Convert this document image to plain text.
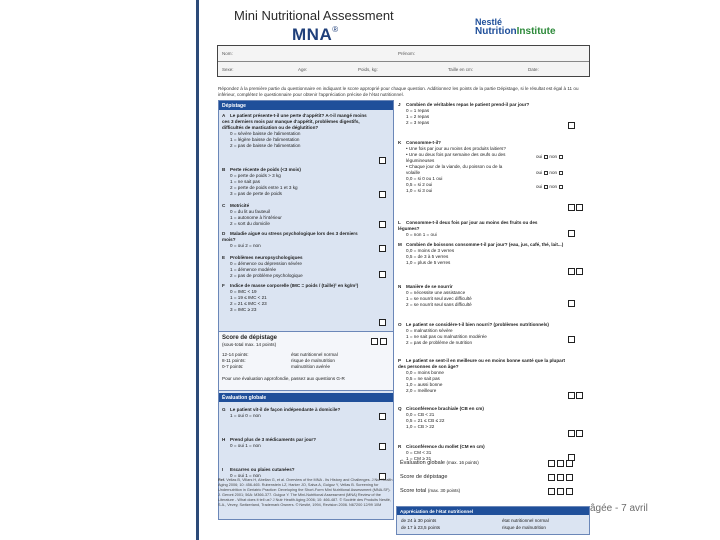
Mini Nutritional Assessment
MNA®
Nestlé
NutritionInstitute
Nom:	Prénom:
Sexe:	Age:	Poids, kg:	Taille en cm:	Date:
Répondez à la première partie du questionnaire en indiquant le score approprié pour chaque question. Additionnez les points de la partie Dépistage, si le résultat est égal à 11 ou inférieur, complétez le questionnaire pour obtenir l'appréciation précise de l'état nutritionnel.
Dépistage
A Le patient présente-t-il une perte d'appétit? A-t-il mangé moins ces 3 derniers mois par manque d'appétit, problèmes digestifs, difficultés de mastication ou de déglutition?
0 = sévère baisse de l'alimentation
1 = légère baisse de l'alimentation
2 = pas de baisse de l'alimentation
B Perte récente de poids (<3 mois)
0 = perte de poids > 3 kg
1 = ne sait pas
2 = perte de poids entre 1 et 3 kg
3 = pas de perte de poids
C Motricité
0 = du lit au fauteuil
1 = autonome à l'intérieur
2 = sort du domicile
D Maladie aiguë ou stress psychologique lors des 3 derniers mois?
0 = oui 2 = non
E Problèmes neuropsychologiques
0 = démence ou dépression sévère
1 = démence modérée
2 = pas de problème psychologique
F Indice de masse corporelle (IMC = poids / (taille)² en kg/m²)
0 = IMC < 19
1 = 19 ≤ IMC < 21
2 = 21 ≤ IMC < 23
3 = IMC ≥ 23
Score de dépistage
(sous-total max. 14 points)
12-14 points:	état nutritionnel normal
8-11 points:	risque de malnutrition
0-7 points:	malnutrition avérée
Pour une évaluation approfondie, passez aux questions G-R
Évaluation globale
G Le patient vit-il de façon indépendante à domicile?
1 = oui 0 = non
H Prend plus de 3 médicaments par jour?
0 = oui 1 = non
I Escarres ou plaies cutanées?
0 = oui 1 = non
Ref. Vellas B, Villars H, Abellan G, et al. Overview of the MNA - Its History and Challenges. J Nut Health Aging 2006; 10: 456-465. Rubenstein LZ, Harker JO, Salva A, Guigoz Y, Vellas B. Screening for Undernutrition in Geriatric Practice: Developing the Short-Form Mini Nutritional Assessment (MNA-SF). J. Geront 2001; 56A: M366-377. Guigoz Y. The Mini-Nutritional Assessment (MNA) Review of the Literature - What does it tell us? J Nutr Health Aging 2006; 10: 466-487. © Société des Produits Nestlé, S.A., Vevey, Switzerland, Trademark Owners. © Nestlé, 1994, Revision 2006. N67200 12/99 10M
J Combien de véritables repas le patient prend-il par jour?
0 = 1 repas
1 = 2 repas
2 = 3 repas
K Consomme-t-il?
• Une fois par jour au moins des produits laitiers?
• Une ou deux fois par semaine des œufs ou des légumineuses
• Chaque jour de la viande, du poisson ou de la volaille
0,0 = si 0 ou 1 oui
0,5 = si 2 oui
1,0 = si 3 oui
oui non
oui non
oui non
L Consomme-t-il deux fois par jour au moins des fruits ou des légumes?
0 = non 1 = oui
M Combien de boissons consomme-t-il par jour? (eau, jus, café, thé, lait...)
0,0 = moins de 3 verres
0,5 = de 3 à 5 verres
1,0 = plus de 5 verres
N Manière de se nourrir
0 = nécessite une assistance
1 = se nourrit seul avec difficulté
2 = se nourrit seul sans difficulté
O Le patient se considère-t-il bien nourri? (problèmes nutritionnels)
0 = malnutrition sévère
1 = ne sait pas ou malnutrition modérée
2 = pas de problème de nutrition
P Le patient se sent-il en meilleure ou en moins bonne santé que la plupart des personnes de son âge?
0,0 = moins bonne
0,5 = ne sait pas
1,0 = aussi bonne
2,0 = meilleure
Q Circonférence brachiale (CB en cm)
0,0 = CB < 21
0,5 = 21 ≤ CB ≤ 22
1,0 = CB > 22
R Circonférence du mollet (CM en cm)
0 = CM < 31
1 = CM ≥ 31
Évaluation globale (max. 16 points)
Score de dépistage
Score total (max. 30 points)
Appréciation de l'état nutritionnel
de 24 à 30 points	état nutritionnel normal
de 17 à 23,5 points	risque de malnutrition
âgée - 7 avril
